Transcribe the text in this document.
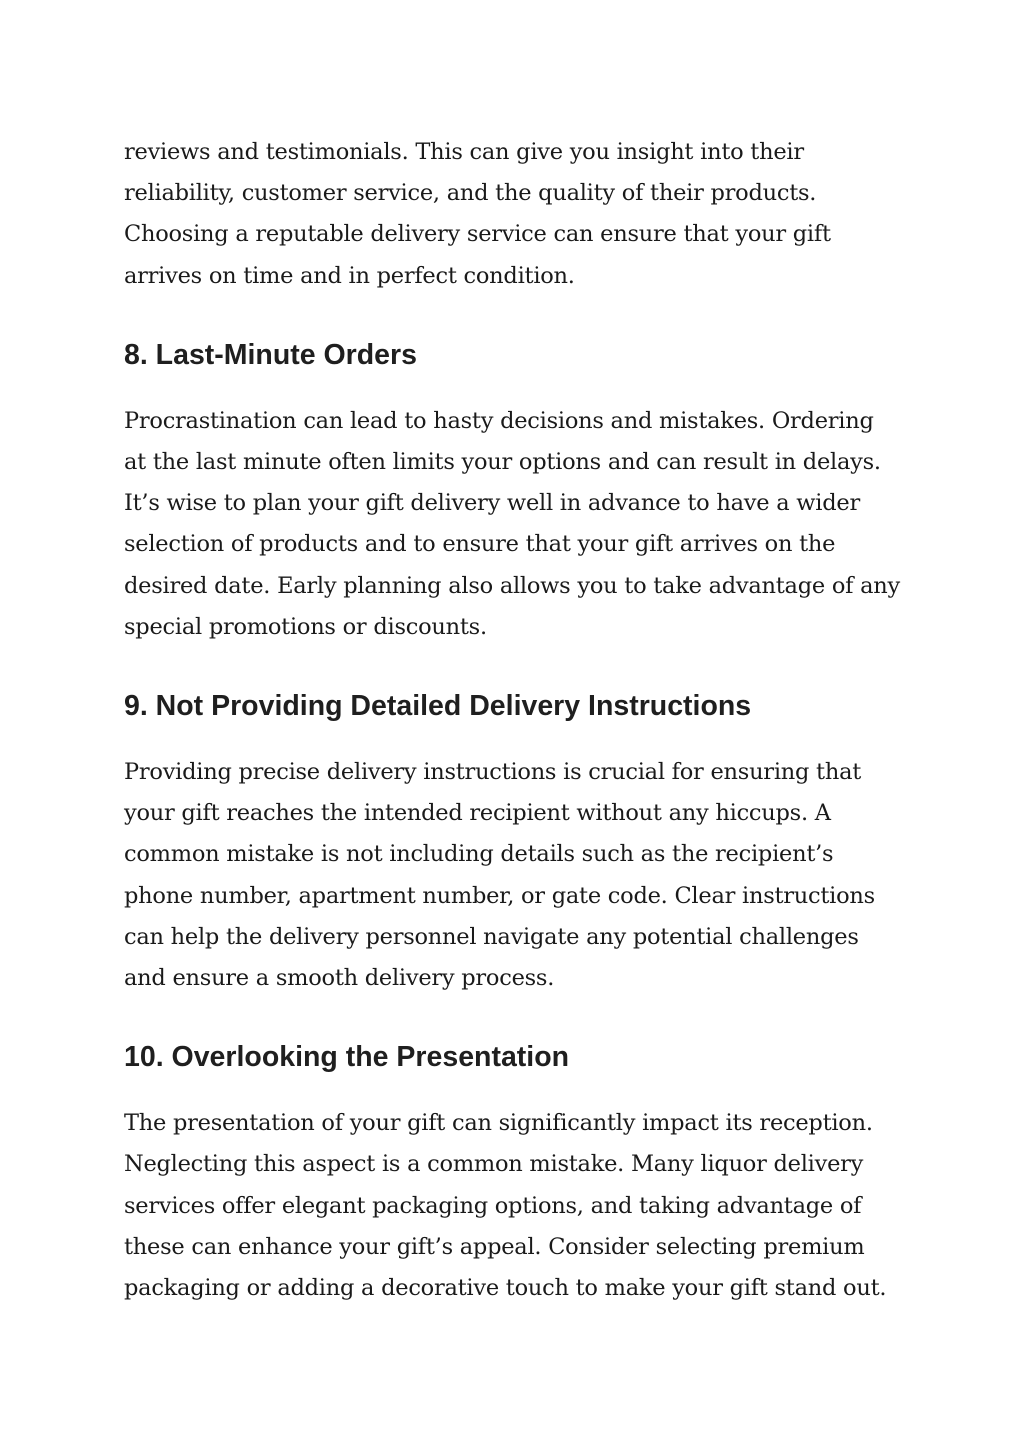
reviews and testimonials. This can give you insight into their
reliability, customer service, and the quality of their products.
Choosing a reputable delivery service can ensure that your gift
arrives on time and in perfect condition.

8. Last-Minute Orders

Procrastination can lead to hasty decisions and mistakes. Ordering
at the last minute often limits your options and can result in delays.
It’s wise to plan your gift delivery well in advance to have a wider
selection of products and to ensure that your gift arrives on the
desired date. Early planning also allows you to take advantage of any
special promotions or discounts.

9. Not Providing Detailed Delivery Instructions

Providing precise delivery instructions is crucial for ensuring that
your gift reaches the intended recipient without any hiccups. A
common mistake is not including details such as the recipient’s
phone number, apartment number, or gate code. Clear instructions
can help the delivery personnel navigate any potential challenges
and ensure a smooth delivery process.

10. Overlooking the Presentation

The presentation of your gift can significantly impact its reception.
Neglecting this aspect is a common mistake. Many liquor delivery
services offer elegant packaging options, and taking advantage of
these can enhance your gift’s appeal. Consider selecting premium
packaging or adding a decorative touch to make your gift stand out.
